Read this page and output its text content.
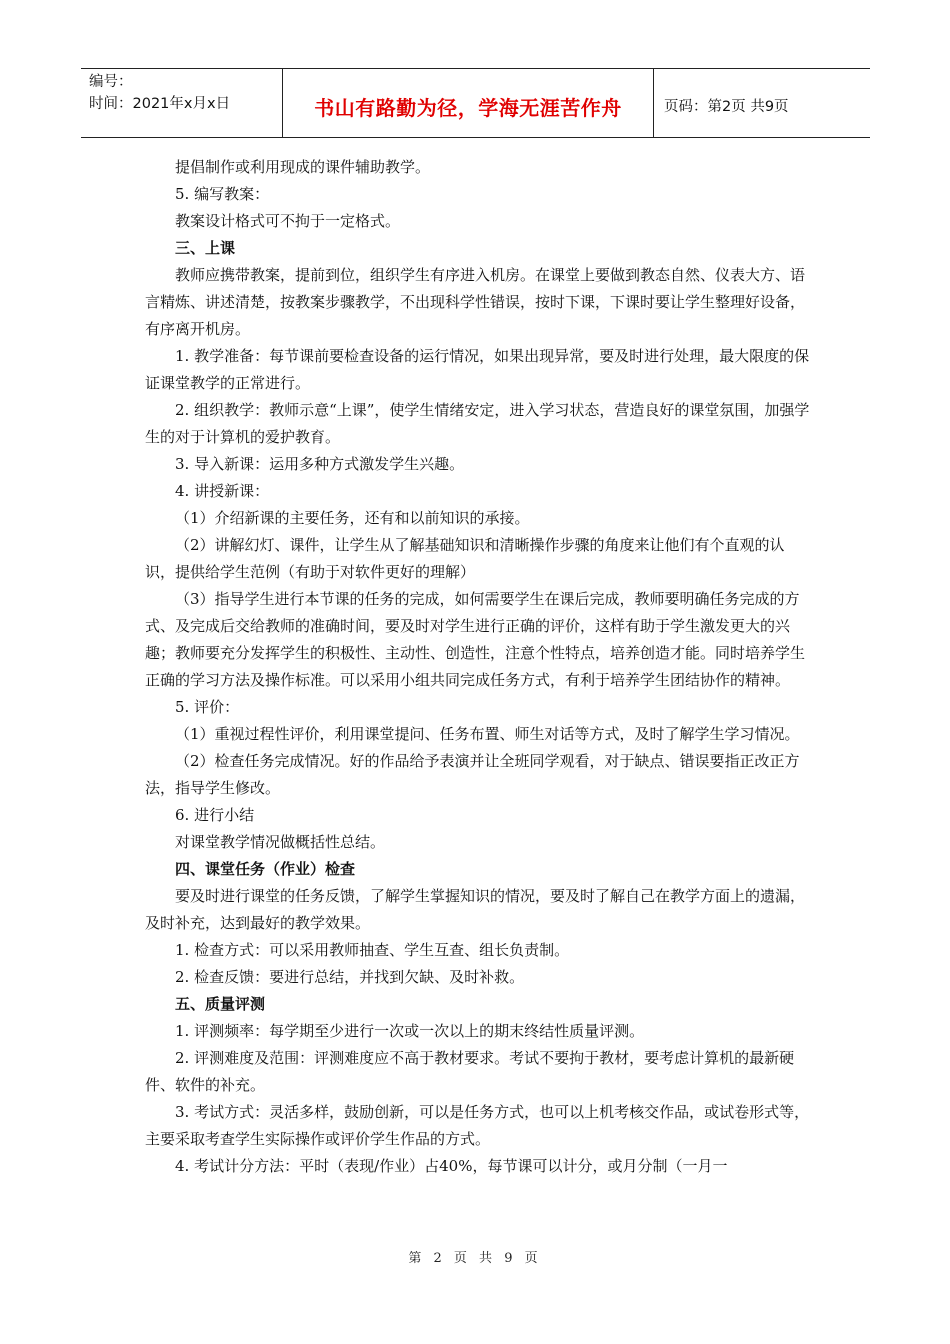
编号：
时间：2021年x月x日	书山有路勤为径，学海无涯苦作舟	页码：第2页 共9页

提倡制作或利用现成的课件辅助教学。

5. 编写教案：

教案设计格式可不拘于一定格式。

三、上课

教师应携带教案，提前到位，组织学生有序进入机房。在课堂上要做到教态自然、仪表大方、语言精炼、讲述清楚，按教案步骤教学，不出现科学性错误，按时下课，下课时要让学生整理好设备，有序离开机房。

1. 教学准备：每节课前要检查设备的运行情况，如果出现异常，要及时进行处理，最大限度的保证课堂教学的正常进行。

2. 组织教学：教师示意“上课”，使学生情绪安定，进入学习状态，营造良好的课堂氛围，加强学生的对于计算机的爱护教育。

3. 导入新课：运用多种方式激发学生兴趣。

4. 讲授新课：

（1）介绍新课的主要任务，还有和以前知识的承接。

（2）讲解幻灯、课件，让学生从了解基础知识和清晰操作步骤的角度来让他们有个直观的认识，提供给学生范例（有助于对软件更好的理解）

（3）指导学生进行本节课的任务的完成，如何需要学生在课后完成，教师要明确任务完成的方式、及完成后交给教师的准确时间，要及时对学生进行正确的评价，这样有助于学生激发更大的兴趣；教师要充分发挥学生的积极性、主动性、创造性，注意个性特点，培养创造才能。同时培养学生正确的学习方法及操作标准。可以采用小组共同完成任务方式，有利于培养学生团结协作的精神。

5. 评价：

（1）重视过程性评价，利用课堂提问、任务布置、师生对话等方式，及时了解学生学习情况。

（2）检查任务完成情况。好的作品给予表演并让全班同学观看，对于缺点、错误要指正改正方法，指导学生修改。

6. 进行小结

对课堂教学情况做概括性总结。

四、课堂任务（作业）检查

要及时进行课堂的任务反馈，了解学生掌握知识的情况，要及时了解自己在教学方面上的遗漏，及时补充，达到最好的教学效果。

1. 检查方式：可以采用教师抽查、学生互查、组长负责制。

2. 检查反馈：要进行总结，并找到欠缺、及时补救。

五、质量评测

1. 评测频率：每学期至少进行一次或一次以上的期末终结性质量评测。

2. 评测难度及范围：评测难度应不高于教材要求。考试不要拘于教材，要考虑计算机的最新硬件、软件的补充。

3. 考试方式：灵活多样，鼓励创新，可以是任务方式，也可以上机考核交作品，或试卷形式等，主要采取考查学生实际操作或评价学生作品的方式。

4. 考试计分方法：平时（表现/作业）占40%，每节课可以计分，或月分制（一月一

第 2 页 共 9 页
